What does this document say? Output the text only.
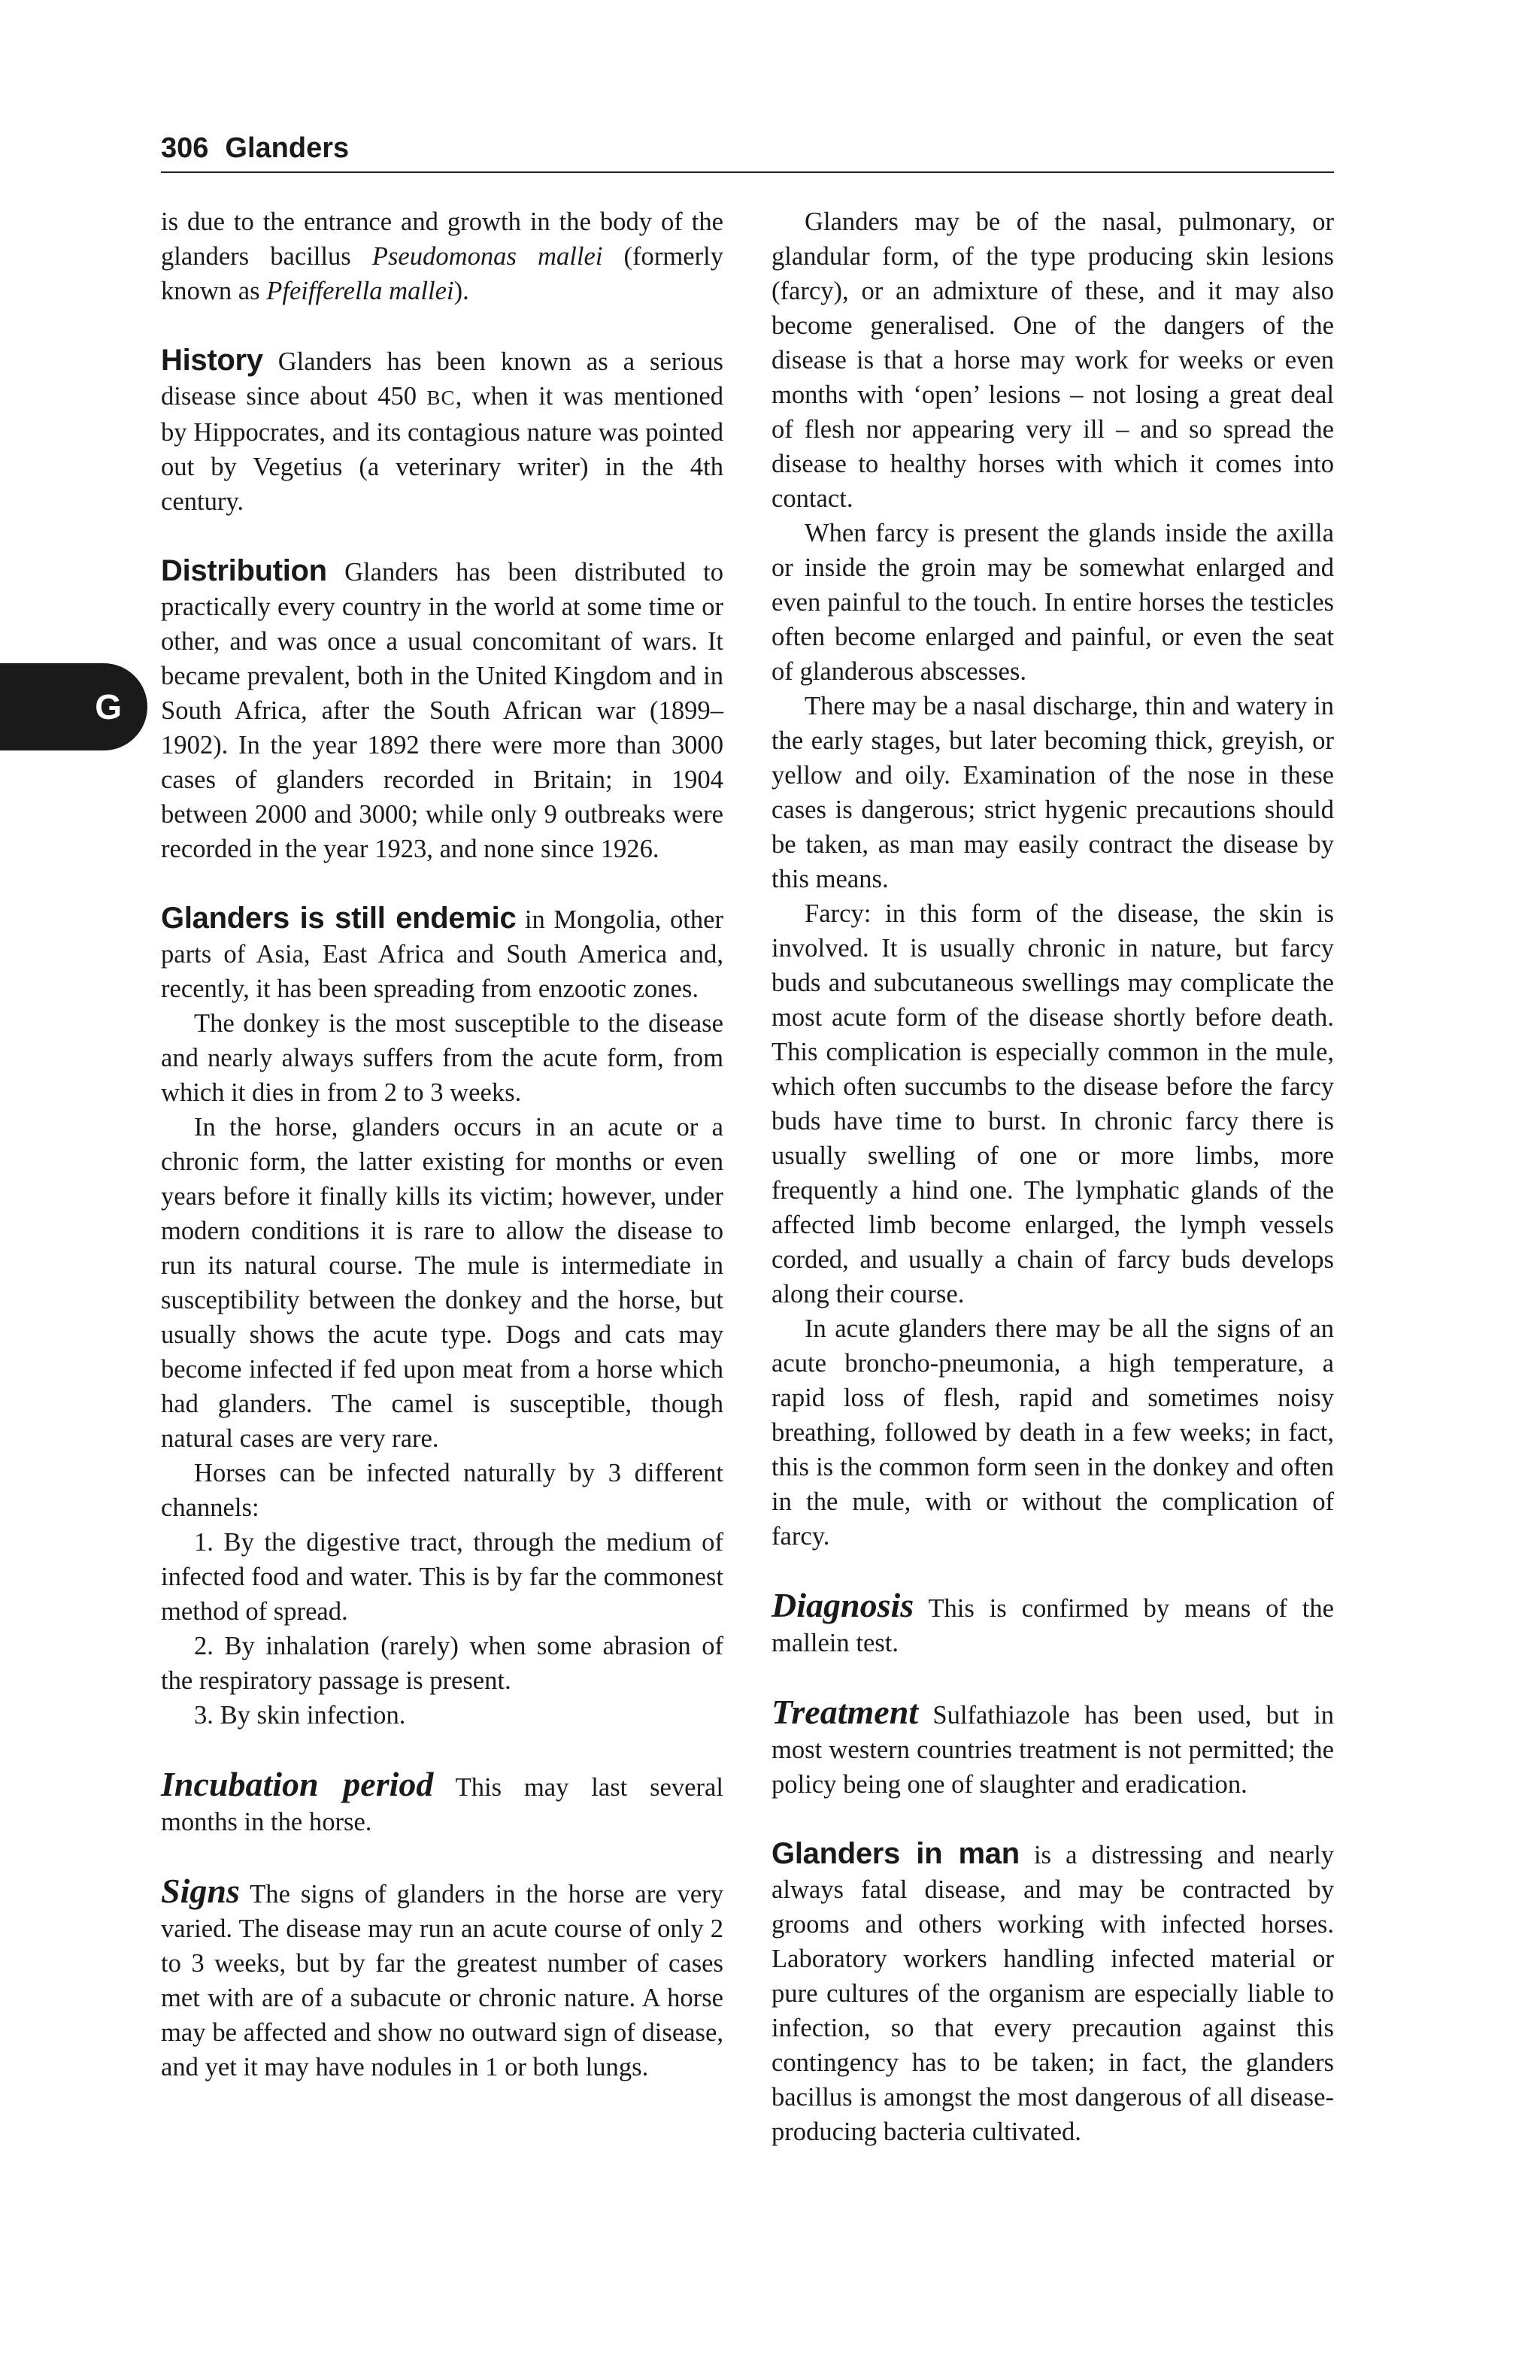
306 Glanders
G

is due to the entrance and growth in the body of the glanders bacillus Pseudomonas mallei (formerly known as Pfeifferella mallei).

History Glanders has been known as a serious disease since about 450 BC, when it was mentioned by Hippocrates, and its contagious nature was pointed out by Vegetius (a veterinary writer) in the 4th century.

Distribution Glanders has been distributed to practically every country in the world at some time or other, and was once a usual concomitant of wars. It became prevalent, both in the United Kingdom and in South Africa, after the South African war (1899–1902). In the year 1892 there were more than 3000 cases of glanders recorded in Britain; in 1904 between 2000 and 3000; while only 9 outbreaks were recorded in the year 1923, and none since 1926.

Glanders is still endemic in Mongolia, other parts of Asia, East Africa and South America and, recently, it has been spreading from enzootic zones.

The donkey is the most susceptible to the disease and nearly always suffers from the acute form, from which it dies in from 2 to 3 weeks.

In the horse, glanders occurs in an acute or a chronic form, the latter existing for months or even years before it finally kills its victim; however, under modern conditions it is rare to allow the disease to run its natural course. The mule is intermediate in susceptibility between the donkey and the horse, but usually shows the acute type. Dogs and cats may become infected if fed upon meat from a horse which had glanders. The camel is susceptible, though natural cases are very rare.

Horses can be infected naturally by 3 different channels:

1. By the digestive tract, through the medium of infected food and water. This is by far the commonest method of spread.

2. By inhalation (rarely) when some abrasion of the respiratory passage is present.

3. By skin infection.

Incubation period This may last several months in the horse.

Signs The signs of glanders in the horse are very varied. The disease may run an acute course of only 2 to 3 weeks, but by far the greatest number of cases met with are of a subacute or chronic nature. A horse may be affected and show no outward sign of disease, and yet it may have nodules in 1 or both lungs.

Glanders may be of the nasal, pulmonary, or glandular form, of the type producing skin lesions (farcy), or an admixture of these, and it may also become generalised. One of the dangers of the disease is that a horse may work for weeks or even months with ‘open’ lesions – not losing a great deal of flesh nor appearing very ill – and so spread the disease to healthy horses with which it comes into contact.

When farcy is present the glands inside the axilla or inside the groin may be somewhat enlarged and even painful to the touch. In entire horses the testicles often become enlarged and painful, or even the seat of glanderous abscesses.

There may be a nasal discharge, thin and watery in the early stages, but later becoming thick, greyish, or yellow and oily. Examination of the nose in these cases is dangerous; strict hygenic precautions should be taken, as man may easily contract the disease by this means.

Farcy: in this form of the disease, the skin is involved. It is usually chronic in nature, but farcy buds and subcutaneous swellings may complicate the most acute form of the disease shortly before death. This complication is especially common in the mule, which often succumbs to the disease before the farcy buds have time to burst. In chronic farcy there is usually swelling of one or more limbs, more frequently a hind one. The lymphatic glands of the affected limb become enlarged, the lymph vessels corded, and usually a chain of farcy buds develops along their course.

In acute glanders there may be all the signs of an acute broncho-pneumonia, a high temperature, a rapid loss of flesh, rapid and sometimes noisy breathing, followed by death in a few weeks; in fact, this is the common form seen in the donkey and often in the mule, with or without the complication of farcy.

Diagnosis This is confirmed by means of the mallein test.

Treatment Sulfathiazole has been used, but in most western countries treatment is not permitted; the policy being one of slaughter and eradication.

Glanders in man is a distressing and nearly always fatal disease, and may be contracted by grooms and others working with infected horses. Laboratory workers handling infected material or pure cultures of the organism are especially liable to infection, so that every precaution against this contingency has to be taken; in fact, the glanders bacillus is amongst the most dangerous of all disease-producing bacteria cultivated.
